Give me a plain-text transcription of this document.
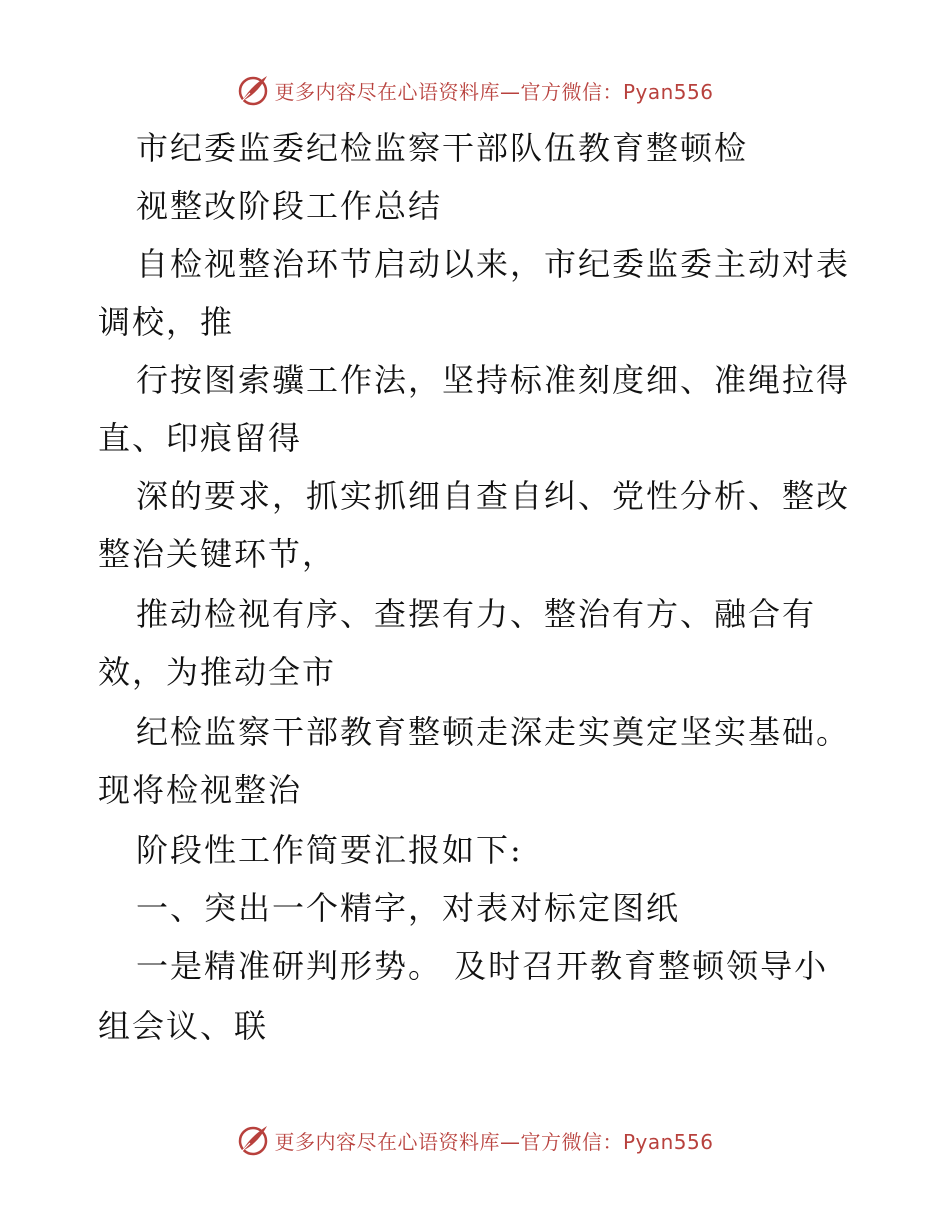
更多内容尽在心语资料库—官方微信：Pyan556
市纪委监委纪检监察干部队伍教育整顿检
视整改阶段工作总结
自检视整治环节启动以来，市纪委监委主动对表
调校，推
行按图索骥工作法，坚持标准刻度细、准绳拉得
直、印痕留得
深的要求，抓实抓细自查自纠、党性分析、整改
整治关键环节，
推动检视有序、查摆有力、整治有方、融合有
效，为推动全市
纪检监察干部教育整顿走深走实奠定坚实基础。
现将检视整治
阶段性工作简要汇报如下:
一、突出一个精字，对表对标定图纸
一是精准研判形势。 及时召开教育整顿领导小
组会议、联
更多内容尽在心语资料库—官方微信：Pyan556
